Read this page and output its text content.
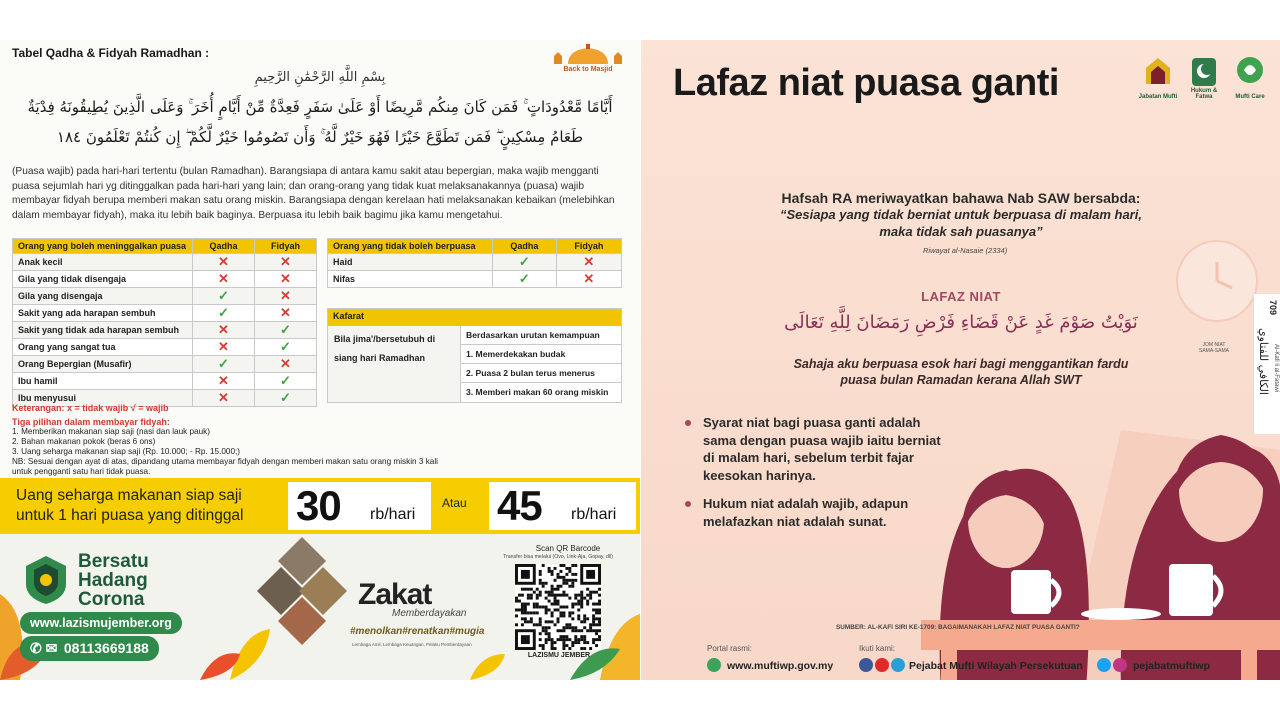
Tabel Qadha & Fidyah Ramadhan :
Back to Masjid
بِسْمِ اللَّهِ الرَّحْمَٰنِ الرَّحِيمِ
أَيَّامًا مَّعْدُودَاتٍ ۚ فَمَن كَانَ مِنكُم مَّرِيضًا أَوْ عَلَىٰ سَفَرٍ فَعِدَّةٌ مِّنْ أَيَّامٍ أُخَرَ ۚ وَعَلَى الَّذِينَ يُطِيقُونَهُ فِدْيَةٌ طَعَامُ مِسْكِينٍ ۖ فَمَن تَطَوَّعَ خَيْرًا فَهُوَ خَيْرٌ لَّهُ ۚ وَأَن تَصُومُوا خَيْرٌ لَّكُمْ ۖ إِن كُنتُمْ تَعْلَمُونَ ١٨٤
(Puasa wajib) pada hari-hari tertentu (bulan Ramadhan). Barangsiapa di antara kamu sakit atau bepergian, maka wajib mengganti puasa sejumlah hari yg ditinggalkan pada hari-hari yang lain; dan orang-orang yang tidak kuat melaksanakannya (puasa) wajib membayar fidyah berupa memberi makan satu orang miskin. Barangsiapa dengan kerelaan hati melaksanakan kebaikan (melebihkan dalam membayar fidyah), maka itu lebih baik baginya. Berpuasa itu lebih baik bagimu jika kamu mengetahui.
Orang yang boleh meninggalkan puasa	Qadha	Fidyah
Anak kecil	✕	✕
Gila yang tidak disengaja	✕	✕
Gila yang disengaja	✓	✕
Sakit yang ada harapan sembuh	✓	✕
Sakit yang tidak ada harapan sembuh	✕	✓
Orang yang sangat tua	✕	✓
Orang Bepergian (Musafir)	✓	✕
Ibu hamil	✕	✓
Ibu menyusui	✕	✓
Orang yang tidak boleh berpuasa	Qadha	Fidyah
Haid	✓	✕
Nifas	✓	✕
Kafarat
Bila jima'/bersetubuh di siang hari Ramadhan
Berdasarkan urutan kemampuan
1. Memerdekakan budak
2. Puasa 2 bulan terus menerus
3. Memberi makan 60 orang miskin
Keterangan: x = tidak wajib √ = wajib
Tiga pilihan dalam membayar fidyah:
1. Memberikan makanan siap saji (nasi dan lauk pauk)
2. Bahan makanan pokok (beras 6 ons)
3. Uang seharga makanan siap saji (Rp. 10.000; - Rp. 15.000;)
NB: Sesuai dengan ayat di atas, dipandang utama membayar fidyah dengan memberi makan satu orang miskin 3 kali
untuk pengganti satu hari tidak puasa.
Uang seharga makanan siap saji
untuk 1 hari puasa yang ditinggal 30 rb/hari
Atau 45 rb/hari
Bersatu
Hadang
Corona
www.lazismujember.org
✆ ✉ 08113669188
Zakat
Memberdayakan
#menolkan#renatkan#mugia
Lembaga Amil, Lembaga Keuangan, Pelaku Pemberdayaan
Scan QR Barcode
Transfer bisa melalui (Ovo, Link-Aja, Gopay, dll)
LAZISMU JEMBER
Lafaz niat puasa ganti	Jabatan Mufti
Hukum & Fatwa	Mufti Care
Hafsah RA meriwayatkan bahawa Nab SAW bersabda:
“Sesiapa yang tidak berniat untuk berpuasa di malam hari,
maka tidak sah puasanya”
Riwayat al-Nasaie (2334)
LAFAZ NIAT
نَوَيْتُ صَوْمَ غَدٍ عَنْ قَضَاءِ فَرْضِ رَمَضَانَ لِلَّهِ تَعَالَى
JOM NIAT SAMA-SAMA
Sahaja aku berpuasa esok hari bagi menggantikan fardu
puasa bulan Ramadan kerana Allah SWT
709
الكافي للفتاوي Al-Kafi li al-Fatawi
Syarat niat bagi puasa ganti adalah sama dengan puasa wajib iaitu berniat di malam hari, sebelum terbit fajar keesokan harinya.
Hukum niat adalah wajib, adapun melafazkan niat adalah sunat.
SUMBER: AL-KAFI SIRI KE-1709: BAGAIMANAKAH LAFAZ NIAT PUASA GANTI?
Portal rasmi:
www.muftiwp.gov.my
Ikuti kami:
Pejabat Mufti Wilayah Persekutuan	pejabatmuftiwp
